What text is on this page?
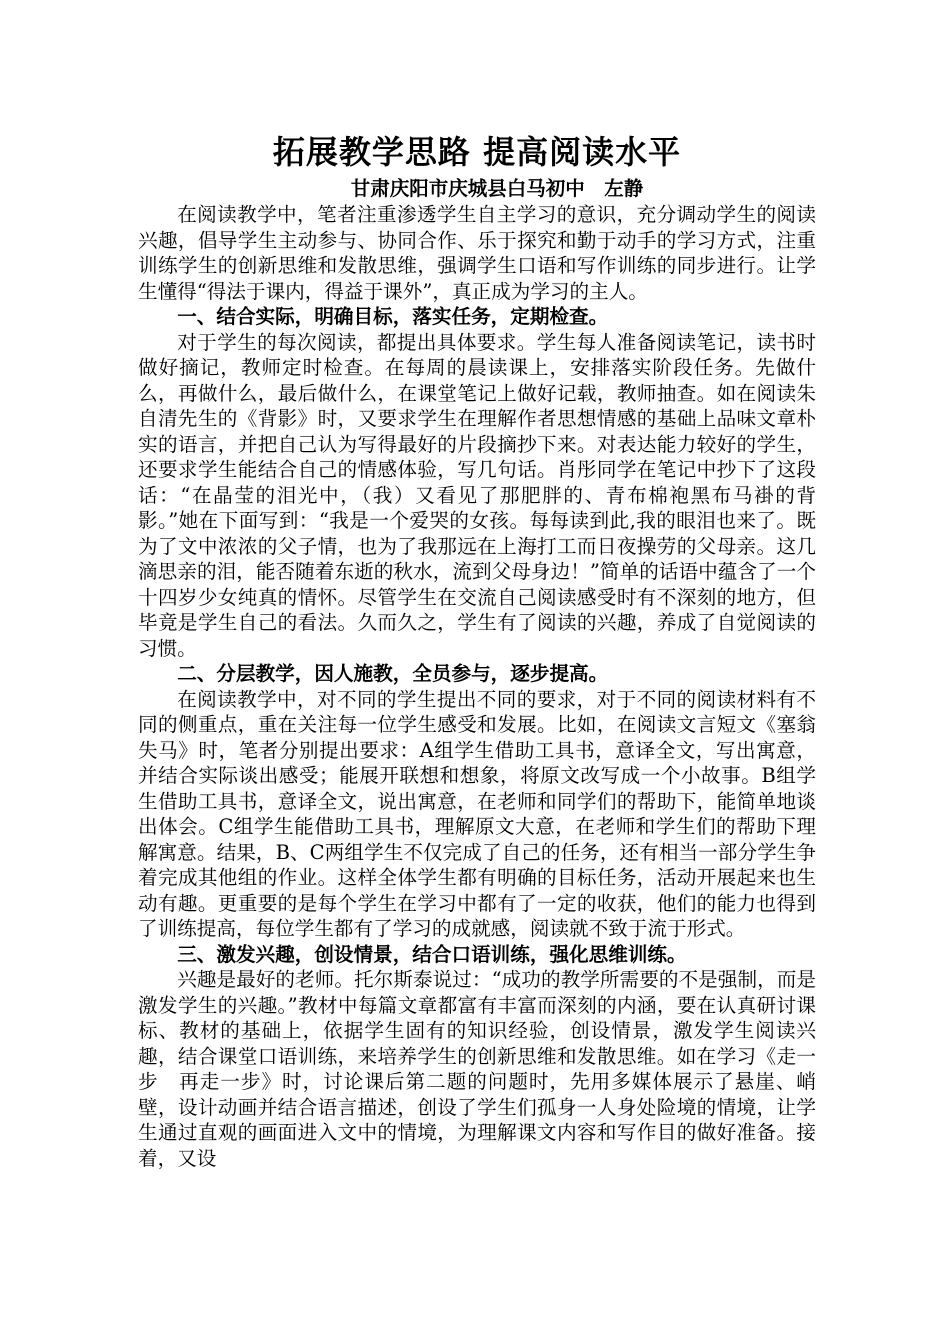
拓展教学思路 提高阅读水平
甘肃庆阳市庆城县白马初中　左静

在阅读教学中，笔者注重渗透学生自主学习的意识，充分调动学生的阅读兴趣，倡导学生主动参与、协同合作、乐于探究和勤于动手的学习方式，注重训练学生的创新思维和发散思维，强调学生口语和写作训练的同步进行。让学生懂得“得法于课内，得益于课外”，真正成为学习的主人。

一、结合实际，明确目标，落实任务，定期检查。

对于学生的每次阅读，都提出具体要求。学生每人准备阅读笔记，读书时做好摘记，教师定时检查。在每周的晨读课上，安排落实阶段任务。先做什么，再做什么，最后做什么，在课堂笔记上做好记载，教师抽查。如在阅读朱自清先生的《背影》时，又要求学生在理解作者思想情感的基础上品味文章朴实的语言，并把自己认为写得最好的片段摘抄下来。对表达能力较好的学生，还要求学生能结合自己的情感体验，写几句话。肖彤同学在笔记中抄下了这段话：“在晶莹的泪光中，（我）又看见了那肥胖的、青布棉袍黑布马褂的背影。”她在下面写到：“我是一个爱哭的女孩。每每读到此,我的眼泪也来了。既为了文中浓浓的父子情，也为了我那远在上海打工而日夜操劳的父母亲。这几滴思亲的泪，能否随着东逝的秋水，流到父母身边！”简单的话语中蕴含了一个十四岁少女纯真的情怀。尽管学生在交流自己阅读感受时有不深刻的地方，但毕竟是学生自己的看法。久而久之，学生有了阅读的兴趣，养成了自觉阅读的习惯。

二、分层教学，因人施教，全员参与，逐步提高。

在阅读教学中，对不同的学生提出不同的要求，对于不同的阅读材料有不同的侧重点，重在关注每一位学生感受和发展。比如，在阅读文言短文《塞翁失马》时，笔者分别提出要求：A组学生借助工具书，意译全文，写出寓意，并结合实际谈出感受；能展开联想和想象，将原文改写成一个小故事。B组学生借助工具书，意译全文，说出寓意，在老师和同学们的帮助下，能简单地谈出体会。C组学生能借助工具书，理解原文大意，在老师和学生们的帮助下理解寓意。结果，B、C两组学生不仅完成了自己的任务，还有相当一部分学生争着完成其他组的作业。这样全体学生都有明确的目标任务，活动开展起来也生动有趣。更重要的是每个学生在学习中都有了一定的收获，他们的能力也得到了训练提高，每位学生都有了学习的成就感，阅读就不致于流于形式。

三、激发兴趣，创设情景，结合口语训练，强化思维训练。

兴趣是最好的老师。托尔斯泰说过：“成功的教学所需要的不是强制，而是激发学生的兴趣。”教材中每篇文章都富有丰富而深刻的内涵，要在认真研讨课标、教材的基础上，依据学生固有的知识经验，创设情景，激发学生阅读兴趣，结合课堂口语训练，来培养学生的创新思维和发散思维。如在学习《走一步　再走一步》时，讨论课后第二题的问题时，先用多媒体展示了悬崖、峭壁，设计动画并结合语言描述，创设了学生们孤身一人身处险境的情境，让学生通过直观的画面进入文中的情境，为理解课文内容和写作目的做好准备。接着，又设
